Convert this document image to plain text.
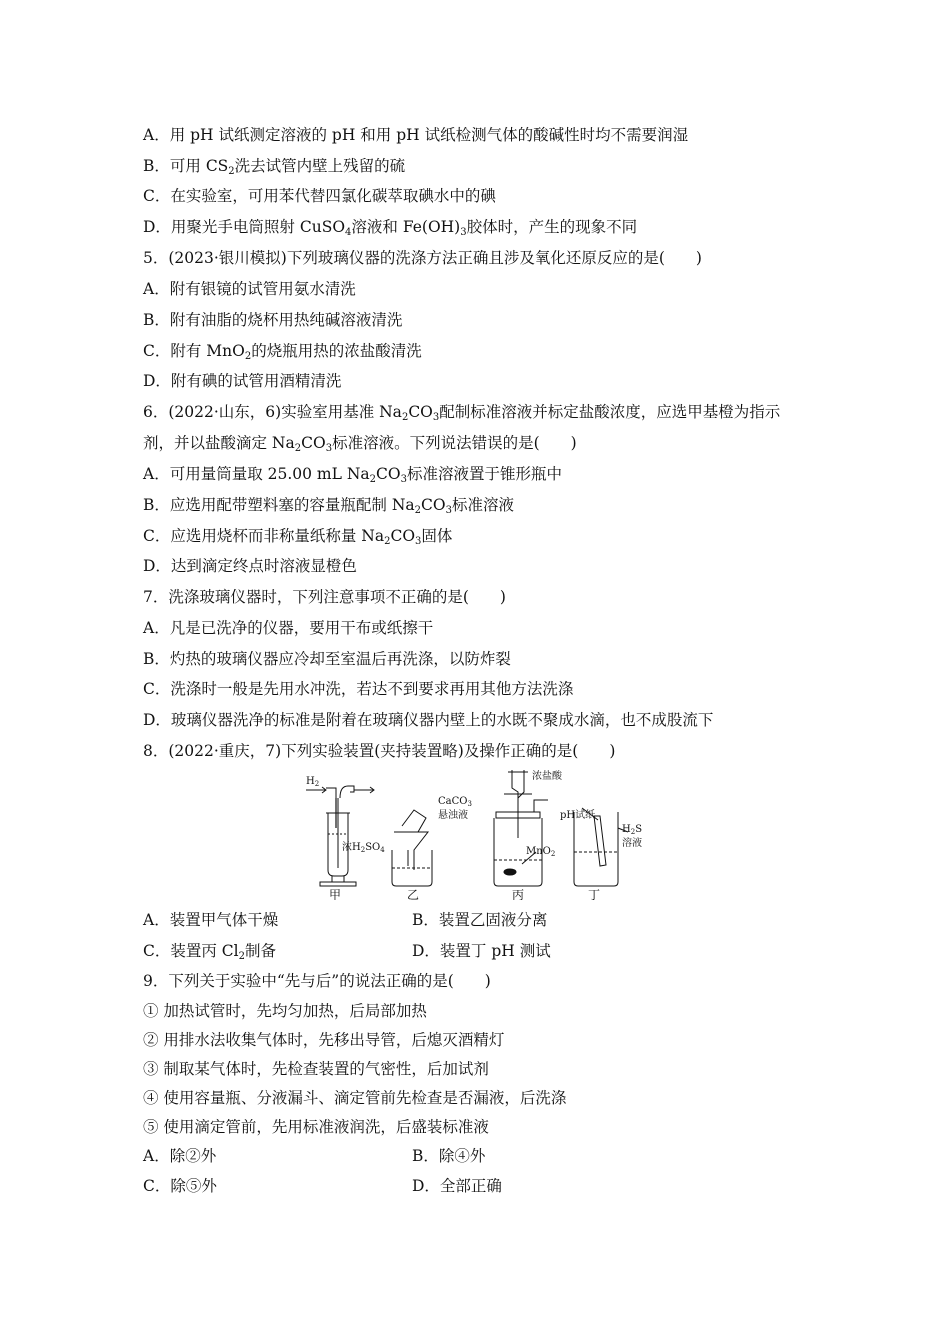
A．用 pH 试纸测定溶液的 pH 和用 pH 试纸检测气体的酸碱性时均不需要润湿
B．可用 $CS_2$洗去试管内壁上残留的硫
C．在实验室，可用苯代替四氯化碳萃取碘水中的碘
D．用聚光手电筒照射 CuSO$_4$溶液和 $Fe(OH)_3$胶体时，产生的现象不同
5．(2023·银川模拟)下列玻璃仪器的洗涤方法正确且涉及氧化还原反应的是(　　)
A．附有银镜的试管用氨水清洗
B．附有油脂的烧杯用热纯碱溶液清洗
C．附有 MnO$_2$的烧瓶用热的浓盐酸清洗
D．附有碘的试管用酒精清洗
6．(2022·山东，6)实验室用基准 $Na_2CO_3$配制标准溶液并标定盐酸浓度，应选甲基橙为指示
剂，并以盐酸滴定 $Na_2CO_3$标准溶液。下列说法错误的是(　　)
A．可用量筒量取 25.00 mL $Na_2CO_3$标准溶液置于锥形瓶中
B．应选用配带塑料塞的容量瓶配制 $Na_2CO_3$标准溶液
C．应选用烧杯而非称量纸称量 $Na_2CO_3$固体
D．达到滴定终点时溶液显橙色
7．洗涤玻璃仪器时，下列注意事项不正确的是(　　)
A．凡是已洗净的仪器，要用干布或纸擦干
B．灼热的玻璃仪器应冷却至室温后再洗涤，以防炸裂
C．洗涤时一般是先用水冲洗，若达不到要求再用其他方法洗涤
D．玻璃仪器洗净的标准是附着在玻璃仪器内壁上的水既不聚成水滴，也不成股流下
8．(2022·重庆，7)下列实验装置(夹持装置略)及操作正确的是(　　)
$H_2$
浓$H_2SO_4$
CaCO$_3$
悬浊液
浓盐酸
MnO$_2$
pH试纸
$H_2S$
溶液
甲	乙	丙	丁
A．装置甲气体干燥	B．装置乙固液分离
C．装置丙 $Cl_2$制备	D．装置丁 pH 测试
9．下列关于实验中“先与后”的说法正确的是(　　)
① 加热试管时，先均匀加热，后局部加热
② 用排水法收集气体时，先移出导管，后熄灭酒精灯
③ 制取某气体时，先检查装置的气密性，后加试剂
④ 使用容量瓶、分液漏斗、滴定管前先检查是否漏液，后洗涤
⑤ 使用滴定管前，先用标准液润洗，后盛装标准液
A．除②外	B．除④外
C．除⑤外	D．全部正确
